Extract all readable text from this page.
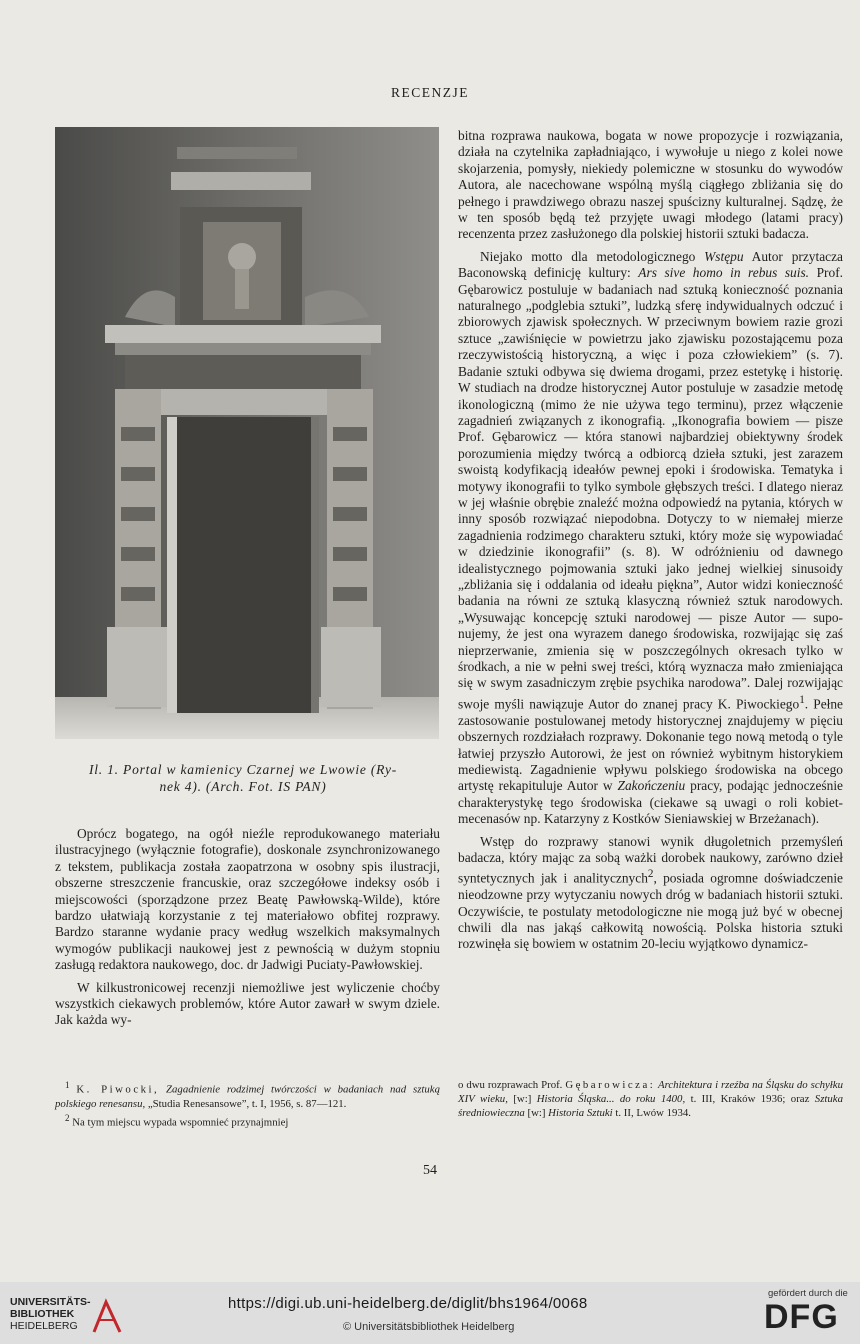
RECENZJE
Il. 1. Portal w kamienicy Czarnej we Lwowie (Ry-
nek 4). (Arch. Fot. IS PAN)

bitna rozprawa naukowa, bogata w nowe propozycje i rozwiązania, działa na czytelnika zapładniająco, i wywołuje u niego z kolei nowe skojarzenia, pomysły, niekiedy polemiczne w stosunku do wywodów Autora, ale nacechowane wspólną myślą ciągłego zbliżania się do pełnego i prawdziwego obrazu naszej spuścizny kulturalnej. Sądzę, że w ten sposób będą też przyjęte uwagi młodego (latami pracy) recenzenta przez zasłużonego dla polskiej historii sztuki badacza.

Niejako motto dla metodologicznego Wstępu Autor przytacza Baconowską definicję kultury: Ars sive homo in rebus suis. Prof. Gębarowicz postuluje w badaniach nad sztuką konieczność poznania naturalnego „podglebia sztuki”, ludzką sferę indywidualnych odczuć i zbiorowych zjawisk społecznych. W przeciwnym bowiem razie grozi sztuce „zawiśnięcie w powietrzu jako zjawisku pozostającemu poza rzeczywistością historyczną, a więc i poza człowiekiem” (s. 7). Badanie sztuki odbywa się dwiema drogami, przez estetykę i historię. W studiach na drodze historycznej Autor postuluje w zasadzie metodę ikonologiczną (mimo że nie używa tego terminu), przez włączenie zagadnień związanych z ikonografią. „Ikonografia bowiem — pisze Prof. Gębarowicz — która stanowi najbardziej obiektywny środek porozumienia między twórcą a odbiorcą dzieła sztuki, jest zarazem swoistą kodyfikacją ideałów pewnej epoki i środowiska. Tematyka i motywy ikonografii to tylko symbole głębszych treści. I dlatego nieraz w jej właśnie obrębie znaleźć można odpowiedź na pytania, których w inny sposób rozwiązać niepodobna. Dotyczy to w niemałej mierze zagadnienia rodzimego charakteru sztuki, który może się wypowiadać w dziedzinie ikonografii” (s. 8). W odróżnieniu od dawnego idealistycznego pojmowania sztuki jako jednej wielkiej sinusoidy „zbliżania się i oddalania od ideału piękna”, Autor widzi konieczność badania na równi ze sztuką klasyczną również sztuk narodowych. „Wysuwając koncepcję sztuki narodowej — pisze Autor — suponujemy, że jest ona wyrazem danego środowiska, rozwijając się zaś nieprzerwanie, zmienia się w poszczególnych okresach tylko w środkach, a nie w pełni swej treści, którą wyznacza mało zmieniająca się w swym zasadniczym zrębie psychika narodowa”. Dalej rozwijając swoje myśli nawiązuje Autor do znanej pracy K. Piwockiego$^1$. Pełne zastosowanie postulowanej metody historycznej znajdujemy w pięciu obszernych rozdziałach rozprawy. Dokonanie tego nową metodą o tyle łatwiej przyszło Autorowi, że jest on również wybitnym historykiem mediewistą. Zagadnienie wpływu polskiego środowiska na obcego artystę rekapituluje Autor w Zakończeniu pracy, podając jednocześnie charakterystykę tego środowiska (ciekawe są uwagi o roli kobiet-mecenasów np. Katarzyny z Kostków Sieniawskiej w Brzeżanach).

Wstęp do rozprawy stanowi wynik długoletnich przemyśleń badacza, który mając za sobą ważki dorobek naukowy, zarówno dzieł syntetycznych jak i analitycznych$^2$, posiada ogromne doświadczenie nieodzowne przy wytyczaniu nowych dróg w badaniach historii sztuki. Oczywiście, te postulaty metodologiczne nie mogą już być w obecnej chwili dla nas jakąś całkowitą nowością. Polska historia sztuki rozwinęła się bowiem w ostatnim 20-leciu wyjątkowo dynamicz-

Oprócz bogatego, na ogół nieźle reprodukowanego materiału ilustracyjnego (wyłącznie fotografie), doskonale zsynchronizowanego z tekstem, publikacja została zaopatrzona w osobny spis ilustracji, obszerne streszczenie francuskie, oraz szczegółowe indeksy osób i miejscowości (sporządzone przez Beatę Pawłowską-Wilde), które bardzo ułatwiają korzystanie z tej materiałowo obfitej rozprawy. Bardzo staranne wydanie pracy według wszelkich maksymalnych wymogów publikacji naukowej jest z pewnością w dużym stopniu zasługą redaktora naukowego, doc. dr Jadwigi Puciaty-Pawłowskiej.

W kilkustronicowej recenzji niemożliwe jest wyliczenie choćby wszystkich ciekawych problemów, które Autor zawarł w swym dziele. Jak każda wy-

$^1$ K. Piwocki, Zagadnienie rodzimej twórczości w badaniach nad sztuką polskiego renesansu, „Studia Renesansowe”, t. I, 1956, s. 87—121.

$^2$ Na tym miejscu wypada wspomnieć przynajmniej

o dwu rozprawach Prof. Gębarowicza: Architektura i rzeźba na Śląsku do schyłku XIV wieku, [w:] Historia Śląska... do roku 1400, t. III, Kraków 1936; oraz Sztuka średniowieczna [w:] Historia Sztuki t. II, Lwów 1934.

54
UNIVERSITÄTS-BIBLIOTHEK
HEIDELBERG
https://digi.ub.uni-heidelberg.de/diglit/bhs1964/0068
© Universitätsbibliothek Heidelberg
gefördert durch die
DFG
